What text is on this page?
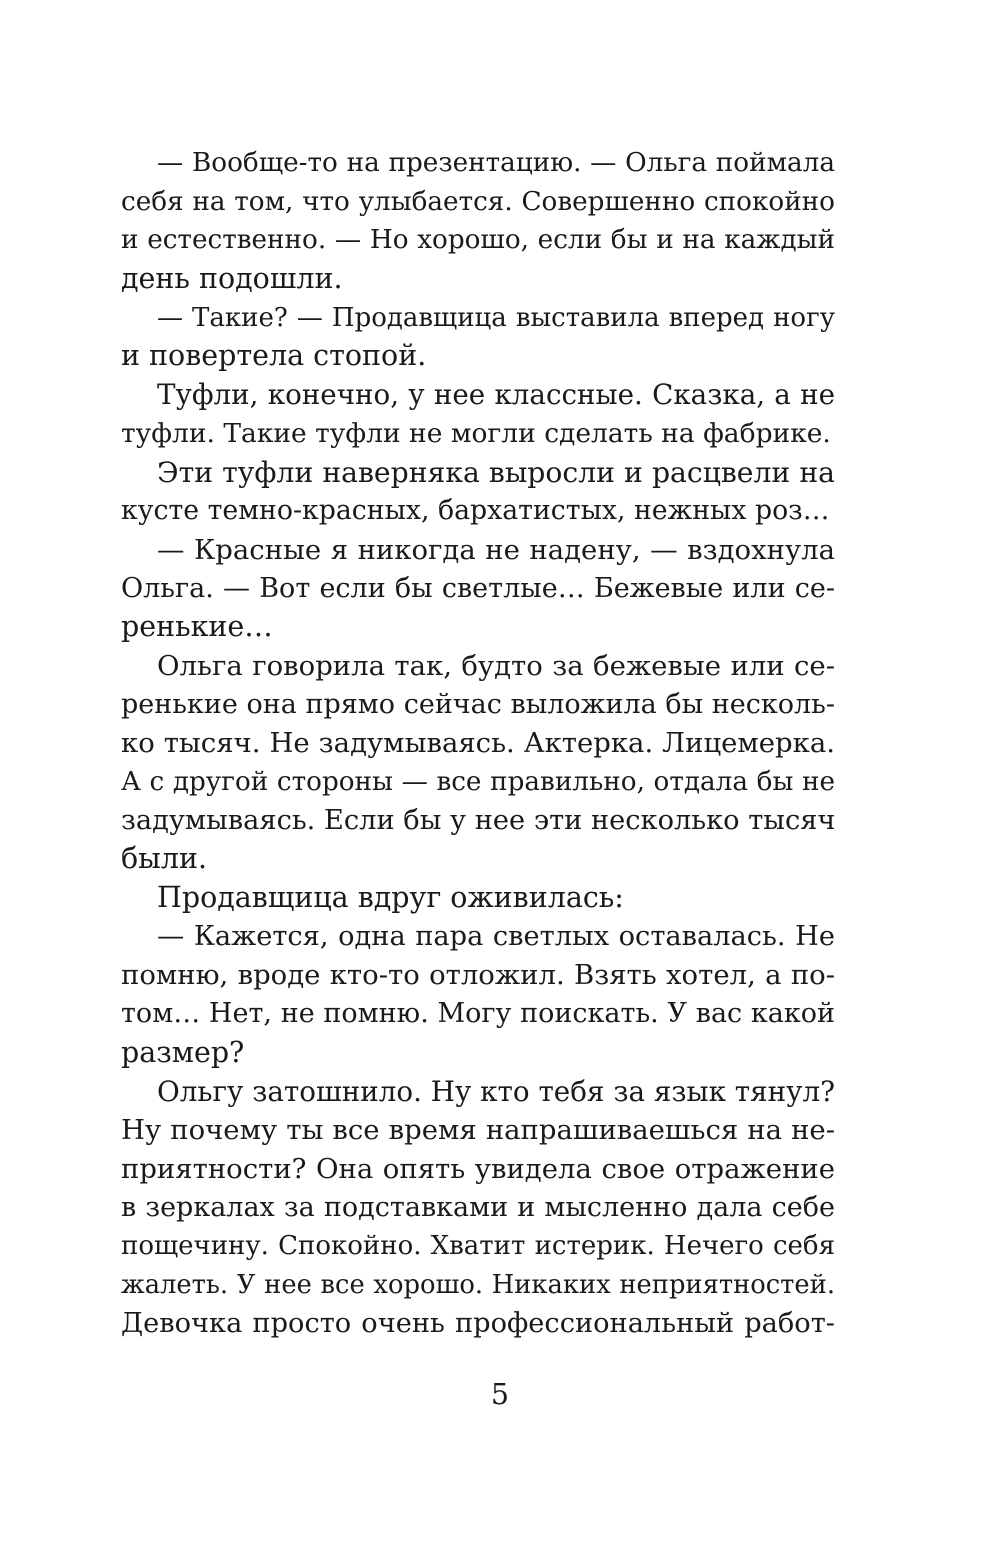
— Вообще-то на презентацию. — Ольга поймала
себя на том, что улыбается. Совершенно спокойно
и естественно. — Но хорошо, если бы и на каждый
день подошли.
— Такие? — Продавщица выставила вперед ногу
и повертела стопой.
Туфли, конечно, у нее классные. Сказка, а не
туфли. Такие туфли не могли сделать на фабрике.
Эти туфли наверняка выросли и расцвели на
кусте темно-красных, бархатистых, нежных роз…
— Красные я никогда не надену, — вздохнула
Ольга. — Вот если бы светлые… Бежевые или се-
ренькие…
Ольга говорила так, будто за бежевые или се-
ренькие она прямо сейчас выложила бы несколь-
ко тысяч. Не задумываясь. Актерка. Лицемерка.
А с другой стороны — все правильно, отдала бы не
задумываясь. Если бы у нее эти несколько тысяч
были.
Продавщица вдруг оживилась:
— Кажется, одна пара светлых оставалась. Не
помню, вроде кто-то отложил. Взять хотел, а по-
том… Нет, не помню. Могу поискать. У вас какой
размер?
Ольгу затошнило. Ну кто тебя за язык тянул?
Ну почему ты все время напрашиваешься на не-
приятности? Она опять увидела свое отражение
в зеркалах за подставками и мысленно дала себе
пощечину. Спокойно. Хватит истерик. Нечего себя
жалеть. У нее все хорошо. Никаких неприятностей.
Девочка просто очень профессиональный работ-
5
